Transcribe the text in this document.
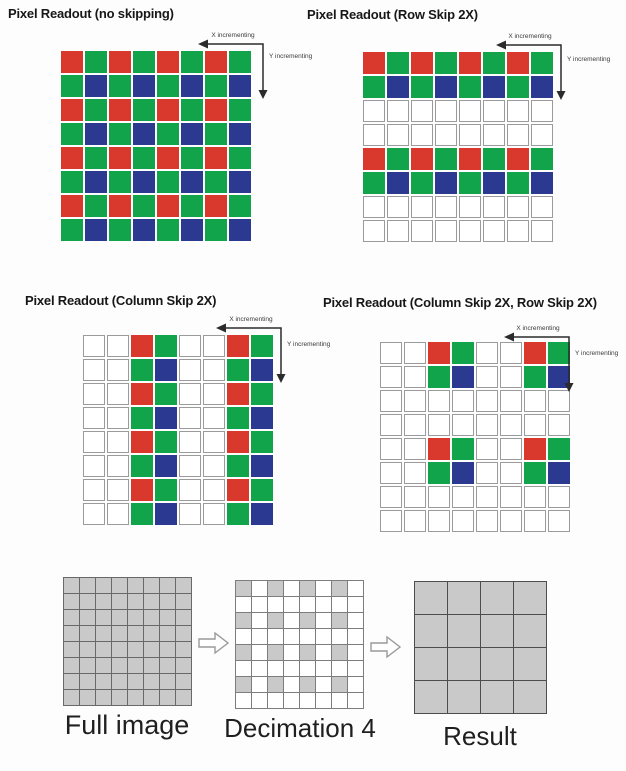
Pixel Readout (no skipping)
X incrementing
Y incrementing
Pixel Readout (Row Skip 2X)
X incrementing
Y incrementing
Pixel Readout (Column Skip 2X)
X incrementing
Y incrementing
Pixel Readout (Column Skip 2X, Row Skip 2X)
X incrementing
Y incrementing
Full image	Decimation 4	Result
